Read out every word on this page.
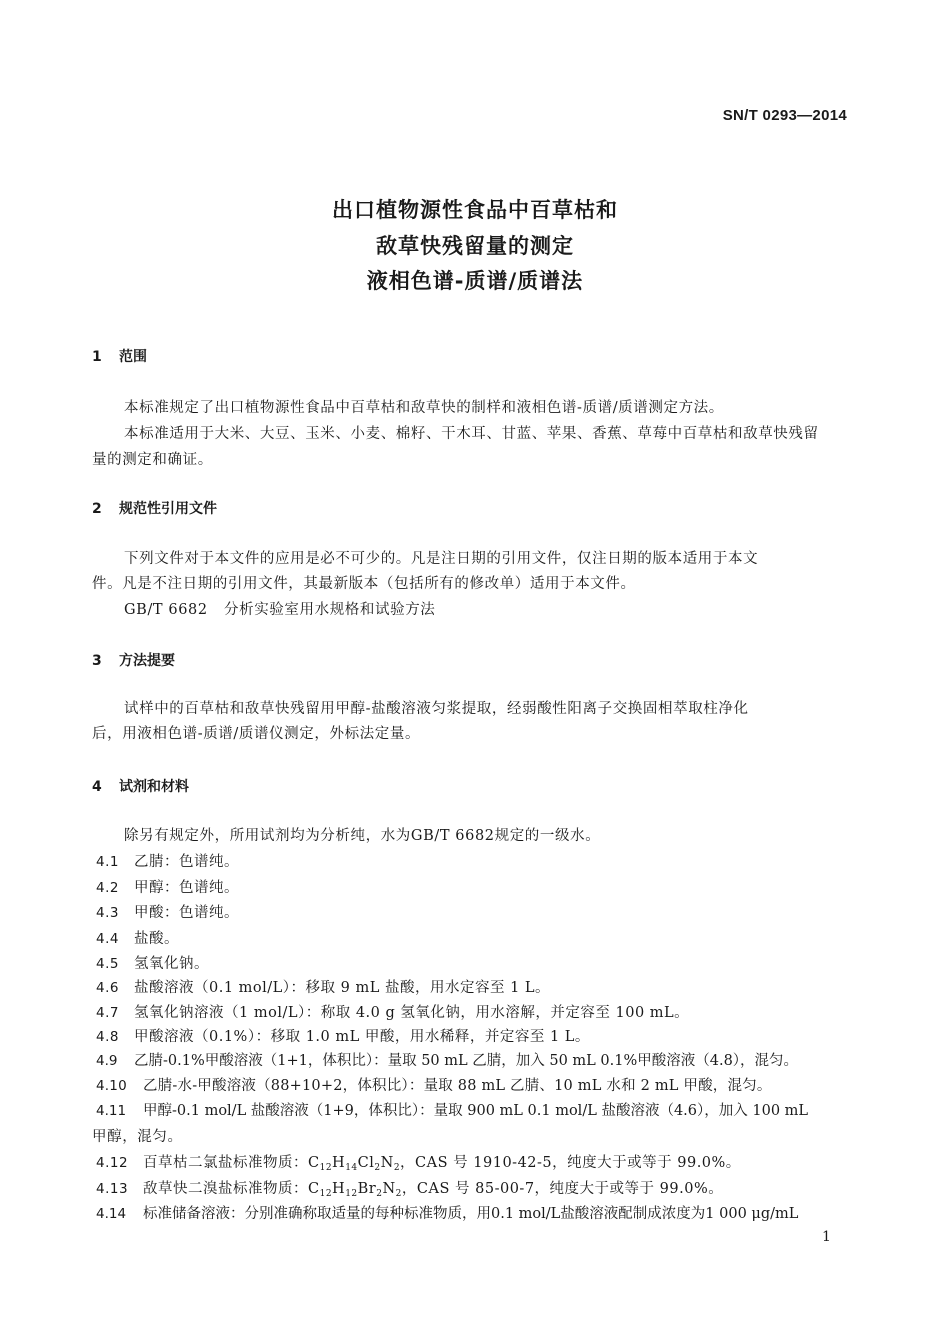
SN/T 0293—2014
出口植物源性食品中百草枯和
敌草快残留量的测定
液相色谱-质谱/质谱法
1 范围
本标准规定了出口植物源性食品中百草枯和敌草快的制样和液相色谱-质谱/质谱测定方法。
本标准适用于大米、大豆、玉米、小麦、棉籽、干木耳、甘蓝、苹果、香蕉、草莓中百草枯和敌草快残留
量的测定和确证。
2 规范性引用文件
下列文件对于本文件的应用是必不可少的。凡是注日期的引用文件，仅注日期的版本适用于本文
件。凡是不注日期的引用文件，其最新版本（包括所有的修改单）适用于本文件。
GB/T 6682 分析实验室用水规格和试验方法
3 方法提要
试样中的百草枯和敌草快残留用甲醇-盐酸溶液匀浆提取，经弱酸性阳离子交换固相萃取柱净化
后，用液相色谱-质谱/质谱仪测定，外标法定量。
4 试剂和材料
除另有规定外，所用试剂均为分析纯，水为GB/T 6682规定的一级水。
4.1 乙腈：色谱纯。
4.2 甲醇：色谱纯。
4.3 甲酸：色谱纯。
4.4 盐酸。
4.5 氢氧化钠。
4.6 盐酸溶液（0.1 mol/L）：移取 9 mL 盐酸，用水定容至 1 L。
4.7 氢氧化钠溶液（1 mol/L）：称取 4.0 g 氢氧化钠，用水溶解，并定容至 100 mL。
4.8 甲酸溶液（0.1%）：移取 1.0 mL 甲酸，用水稀释，并定容至 1 L。
4.9 乙腈-0.1%甲酸溶液（1+1，体积比）：量取 50 mL 乙腈，加入 50 mL 0.1%甲酸溶液（4.8），混匀。
4.10 乙腈-水-甲酸溶液（88+10+2，体积比）：量取 88 mL 乙腈、10 mL 水和 2 mL 甲酸，混匀。
4.11 甲醇-0.1 mol/L 盐酸溶液（1+9，体积比）：量取 900 mL 0.1 mol/L 盐酸溶液（4.6），加入 100 mL
甲醇，混匀。
4.12 百草枯二氯盐标准物质：$C_{12}H_{14}Cl_2N_2$，CAS 号 1910-42-5，纯度大于或等于 99.0%。
4.13 敌草快二溴盐标准物质：$C_{12}H_{12}Br_2N_2$，CAS 号 85-00-7，纯度大于或等于 99.0%。
4.14 标准储备溶液：分别准确称取适量的每种标准物质，用0.1 mol/L盐酸溶液配制成浓度为1 000 μg/mL
1
